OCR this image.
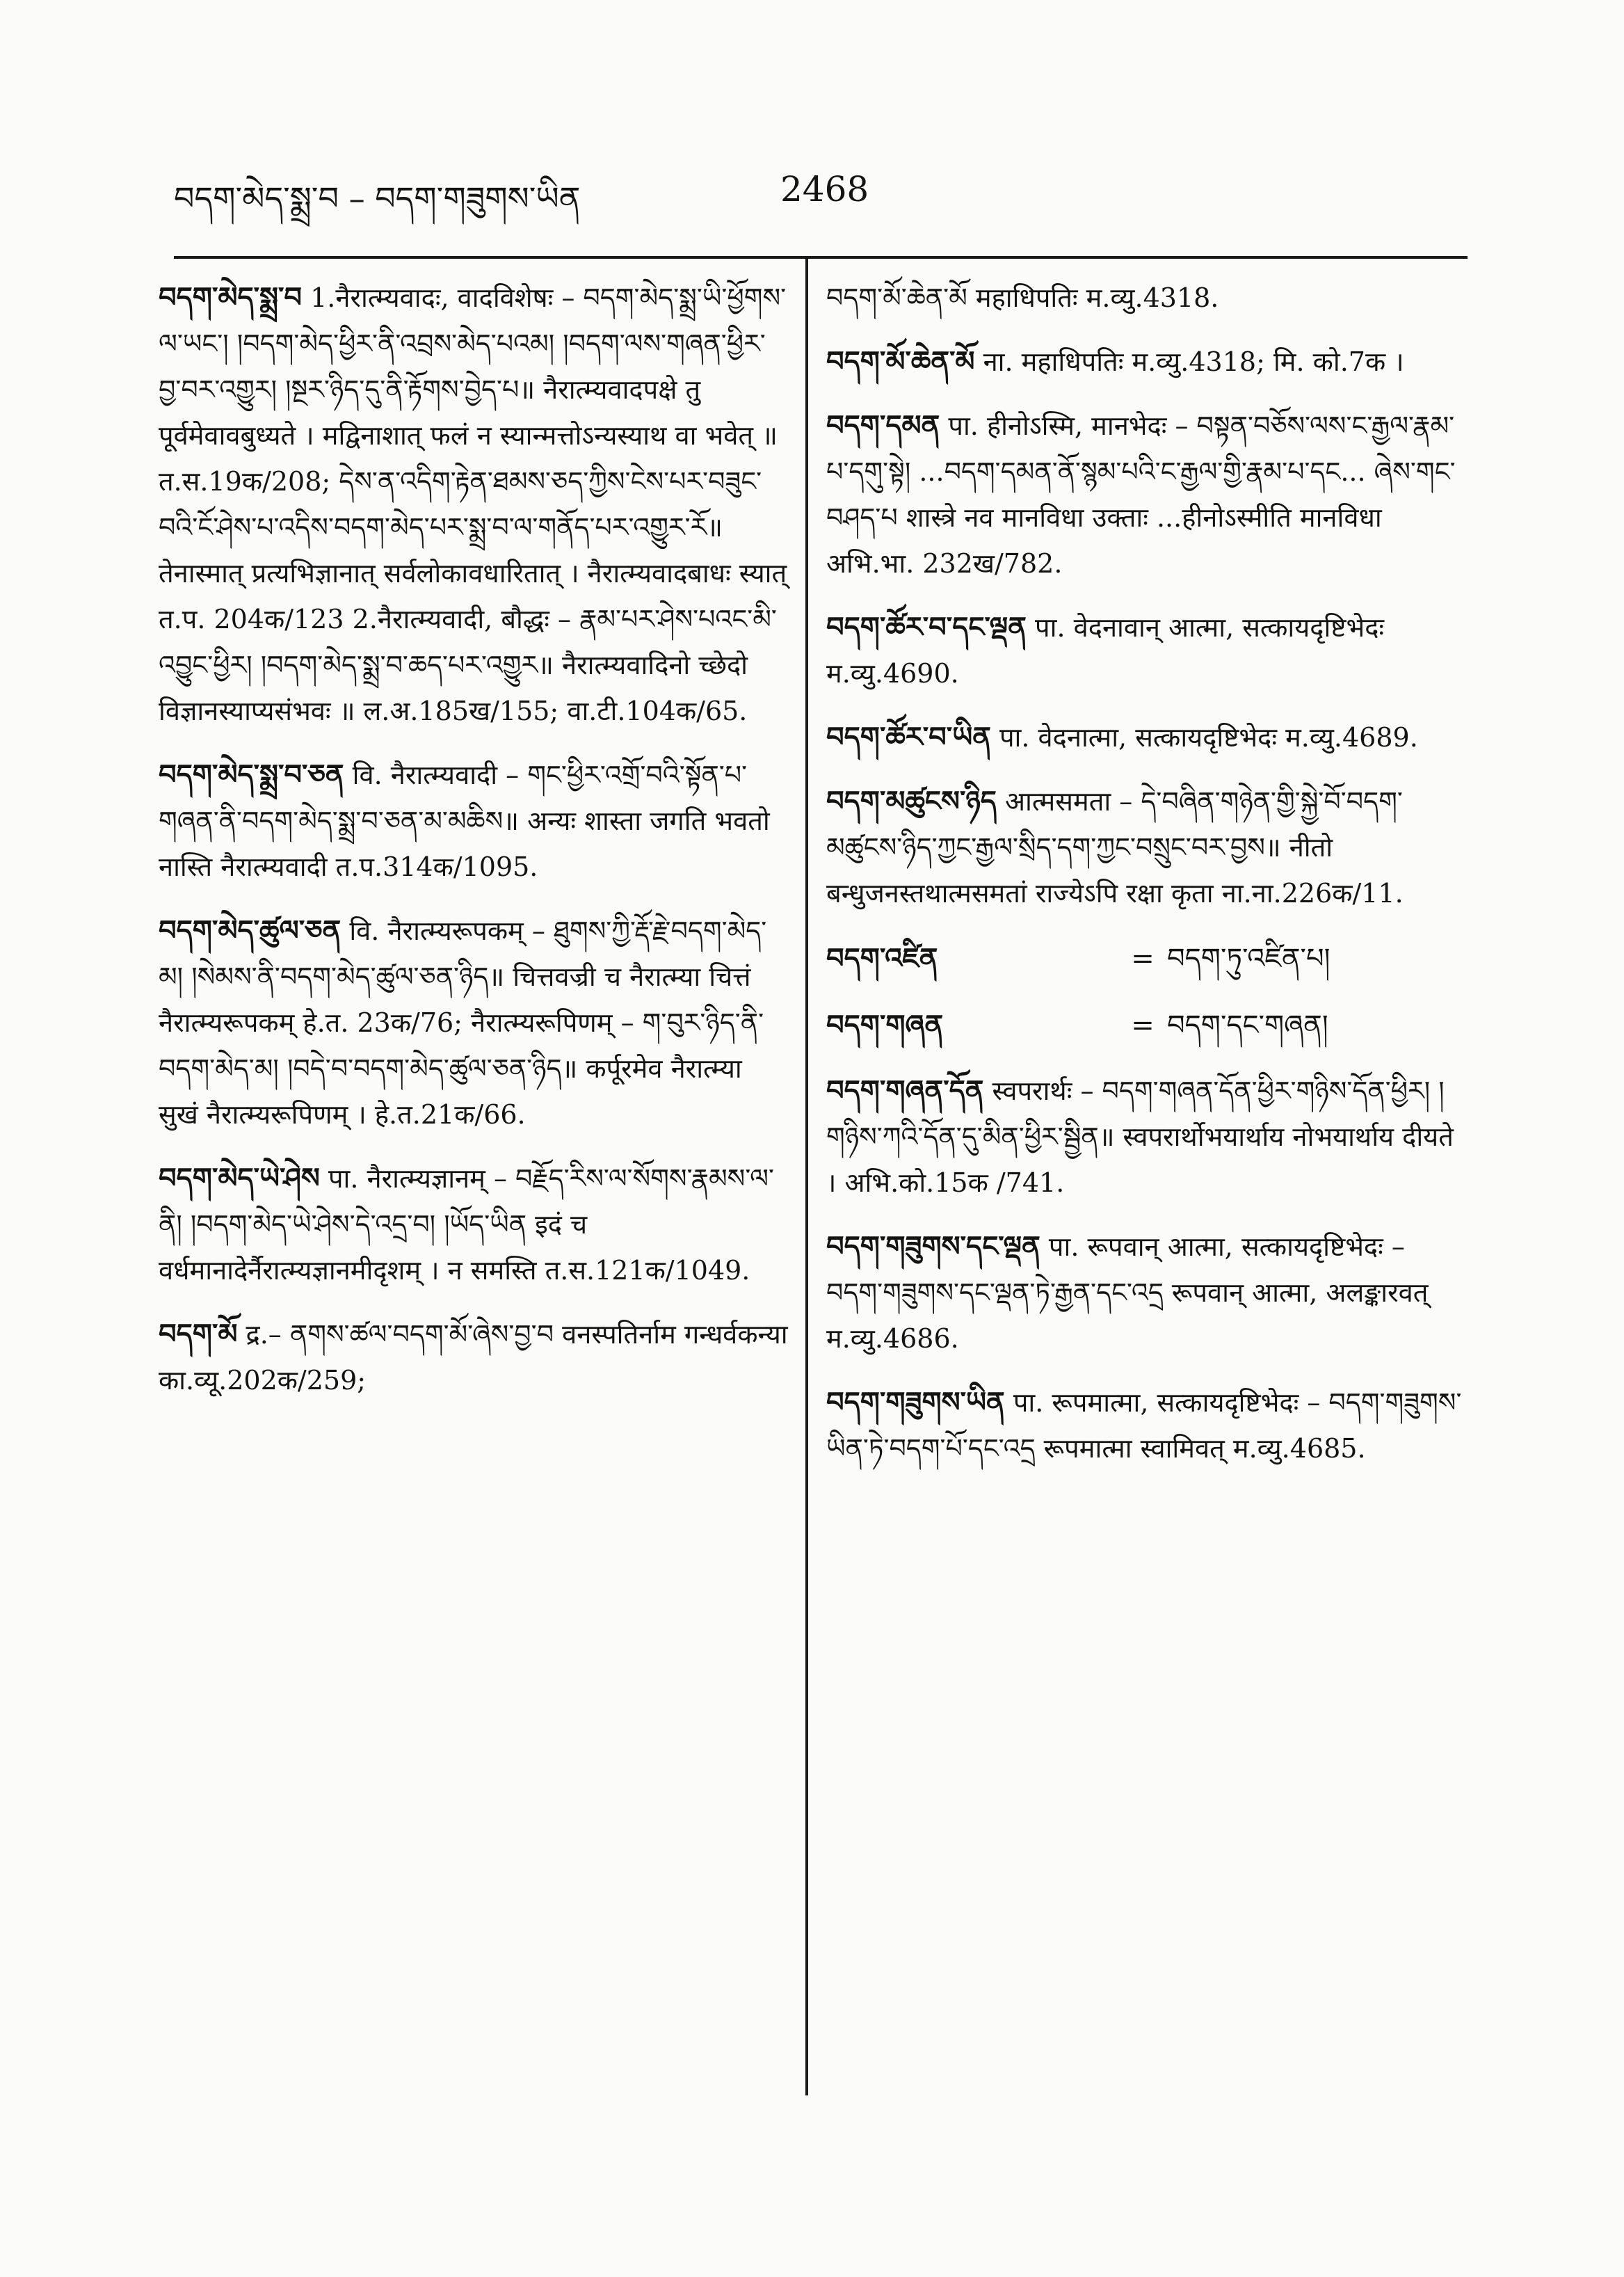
བདག་མེད་སྨྲ་བ – བདག་གཟུགས་ཡིན	2468
བདག་མེད་སྨྲ་བ 1.नैरात्म्यवादः, वादविशेषः – བདག་མེད་སྨྲ་ཡི་ཕྱོགས་ལ་ཡང་། །བདག་མེད་ཕྱིར་ནི་འབྲས་མེད་པའམ། །བདག་ལས་གཞན་ཕྱིར་བྱ་བར་འགྱུར། །སྔར་ཉིད་དུ་ནི་རྟོགས་བྱེད་པ॥ नैरात्म्यवादपक्षे तु पूर्वमेवावबुध्यते । मद्विनाशात् फलं न स्यान्मत्तोऽन्यस्याथ वा भवेत् ॥ त.स.19क/208; དེས་ན་འདིག་རྟེན་ཐམས་ཅད་ཀྱིས་ངེས་པར་བཟུང་བའི་ངོ་ཤེས་པ་འདིས་བདག་མེད་པར་སྨྲ་བ་ལ་གནོད་པར་འགྱུར་རོ॥ तेनास्मात् प्रत्यभिज्ञानात् सर्वलोकावधारितात् । नैरात्म्यवादबाधः स्यात् त.प. 204क/123 2.नैरात्म्यवादी, बौद्धः – རྣམ་པར་ཤེས་པའང་མི་འབྱུང་ཕྱིར། །བདག་མེད་སྨྲ་བ་ཆད་པར་འགྱུར॥ नैरात्म्यवादिनो च्छेदो विज्ञानस्याप्यसंभवः ॥ ल.अ.185ख/155; वा.टी.104क/65.
བདག་མེད་སྨྲ་བ་ཅན वि. नैरात्म्यवादी – གང་ཕྱིར་འགྲོ་བའི་སྟོན་པ་གཞན་ནི་བདག་མེད་སྨྲ་བ་ཅན་མ་མཆིས॥ अन्यः शास्ता जगति भवतो नास्ति नैरात्म्यवादी त.प.314क/1095.
བདག་མེད་ཚུལ་ཅན वि. नैरात्म्यरूपकम् – ཐུགས་ཀྱི་རྡོ་རྗེ་བདག་མེད་མ། །སེམས་ནི་བདག་མེད་ཚུལ་ཅན་ཉིད॥ चित्तवज्री च नैरात्म्या चित्तं नैरात्म्यरूपकम् हे.त. 23क/76; नैरात्म्यरूपिणम् – ག་བུར་ཉིད་ནི་བདག་མེད་མ། །བདེ་བ་བདག་མེད་ཚུལ་ཅན་ཉིད॥ कर्पूरमेव नैरात्म्या सुखं नैरात्म्यरूपिणम् । हे.त.21क/66.
བདག་མེད་ཡེ་ཤེས पा. नैरात्म्यज्ञानम् – བརྗོད་རིས་ལ་སོགས་རྣམས་ལ་ནི། །བདག་མེད་ཡེ་ཤེས་དེ་འདྲ་བ། །ཡོད་ཡིན इदं च वर्धमानादेर्नैरात्म्यज्ञानमीदृशम् । न समस्ति त.स.121क/1049.
བདག་མོ द्र.– ནགས་ཚལ་བདག་མོ་ཞེས་བྱ་བ वनस्पतिर्नाम गन्धर्वकन्या का.व्यू.202क/259;
བདག་མོ་ཆེན་མོ महाधिपतिः म.व्यु.4318.
བདག་མོ་ཆེན་མོ ना. महाधिपतिः म.व्यु.4318; मि. को.7क ।
བདག་དམན पा. हीनोऽस्मि, मानभेदः – བསྟན་བཅོས་ལས་ང་རྒྱལ་རྣམ་པ་དགུ་སྟེ། ...བདག་དམན་ནོ་སྙམ་པའི་ང་རྒྱལ་གྱི་རྣམ་པ་དང... ཞེས་གང་བཤད་པ शास्त्रे नव मानविधा उक्ताः ...हीनोऽस्मीति मानविधा अभि.भा. 232ख/782.
བདག་ཚོར་བ་དང་ལྡན पा. वेदनावान् आत्मा, सत्कायदृष्टिभेदः म.व्यु.4690.
བདག་ཚོར་བ་ཡིན पा. वेदनात्मा, सत्कायदृष्टिभेदः म.व्यु.4689.
བདག་མཚུངས་ཉིད आत्मसमता – དེ་བཞིན་གཉེན་གྱི་སྐྱེ་བོ་བདག་མཚུངས་ཉིད་ཀྱང་རྒྱལ་སྲིད་དག་ཀྱང་བསྲུང་བར་བྱས॥ नीतो बन्धुजनस्तथात्मसमतां राज्येऽपि रक्षा कृता ना.ना.226क/11.
བདག་འཛིན	= བདག་ཏུ་འཛིན་པ།
བདག་གཞན	= བདག་དང་གཞན།
བདག་གཞན་དོན स्वपरार्थः – བདག་གཞན་དོན་ཕྱིར་གཉིས་དོན་ཕྱིར། །གཉིས་ཀའི་དོན་དུ་མིན་ཕྱིར་སྦྱིན॥ स्वपरार्थोभयार्थाय नोभयार्थाय दीयते । अभि.को.15क /741.
བདག་གཟུགས་དང་ལྡན पा. रूपवान् आत्मा, सत्कायदृष्टिभेदः – བདག་གཟུགས་དང་ལྡན་ཏེ་རྒྱན་དང་འདྲ रूपवान् आत्मा, अलङ्कारवत् म.व्यु.4686.
བདག་གཟུགས་ཡིན पा. रूपमात्मा, सत्कायदृष्टिभेदः – བདག་གཟུགས་ཡིན་ཏེ་བདག་པོ་དང་འདྲ रूपमात्मा स्वामिवत् म.व्यु.4685.
